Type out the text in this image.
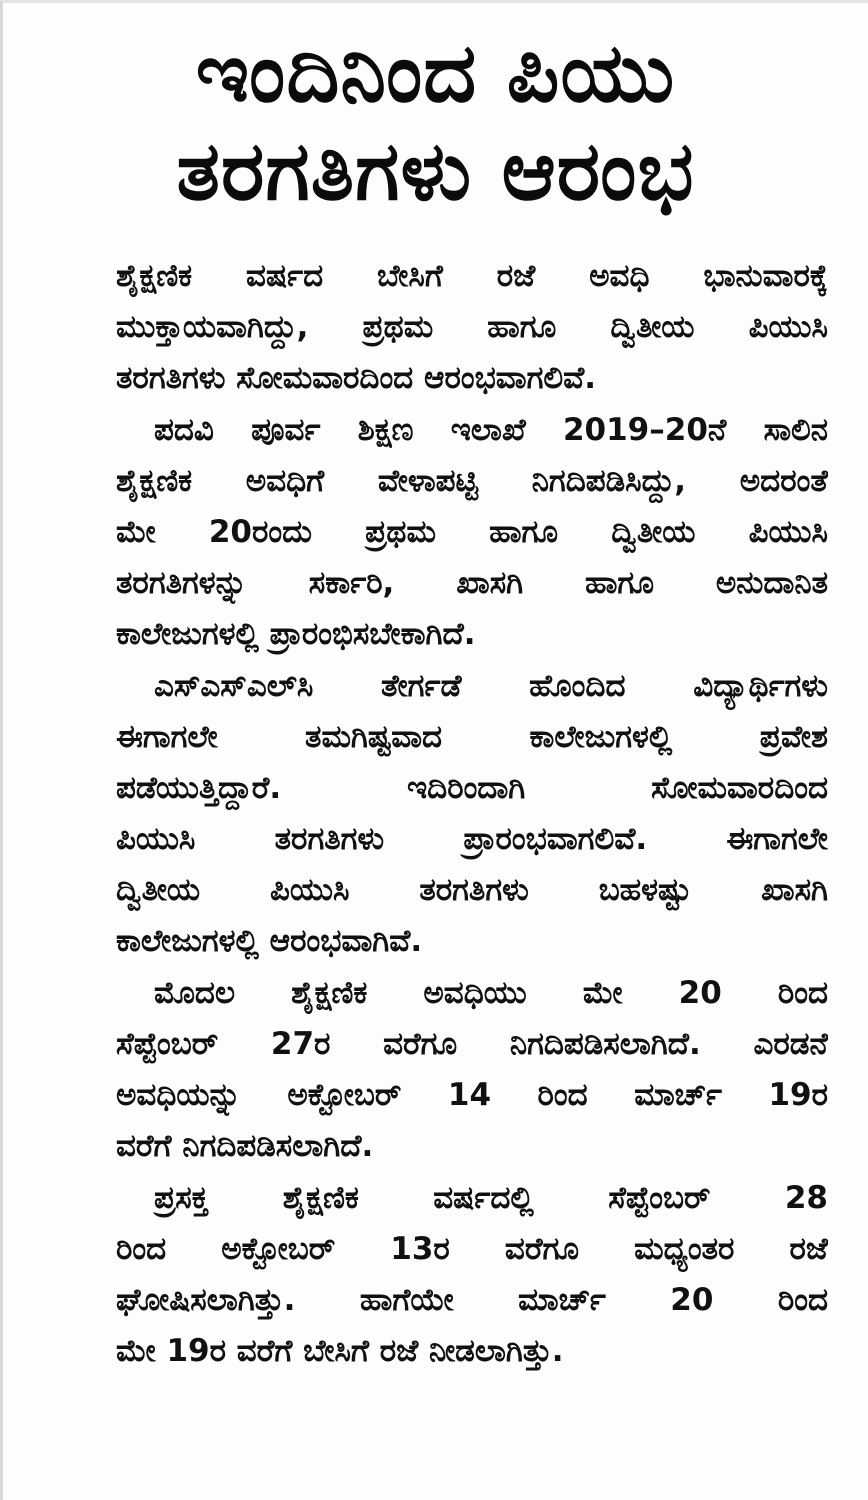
ಇಂದಿನಿಂದ ಪಿಯು
ತರಗತಿಗಳು ಆರಂಭ
ಶೈಕ್ಷಣಿಕ ವರ್ಷದ ಬೇಸಿಗೆ ರಜೆ ಅವಧಿ ಭಾನುವಾರಕ್ಕೆ
ಮುಕ್ತಾಯವಾಗಿದ್ದು, ಪ್ರಥಮ ಹಾಗೂ ದ್ವಿತೀಯ ಪಿಯುಸಿ
ತರಗತಿಗಳು ಸೋಮವಾರದಿಂದ ಆರಂಭವಾಗಲಿವೆ.
ಪದವಿ ಪೂರ್ವ ಶಿಕ್ಷಣ ಇಲಾಖೆ 2019–20ನೆ ಸಾಲಿನ
ಶೈಕ್ಷಣಿಕ ಅವಧಿಗೆ ವೇಳಾಪಟ್ಟಿ ನಿಗದಿಪಡಿಸಿದ್ದು, ಅದರಂತೆ
ಮೇ 20ರಂದು ಪ್ರಥಮ ಹಾಗೂ ದ್ವಿತೀಯ ಪಿಯುಸಿ
ತರಗತಿಗಳನ್ನು ಸರ್ಕಾರಿ, ಖಾಸಗಿ ಹಾಗೂ ಅನುದಾನಿತ
ಕಾಲೇಜುಗಳಲ್ಲಿ ಪ್ರಾರಂಭಿಸಬೇಕಾಗಿದೆ.
ಎಸ್ಎಸ್ಎಲ್‌ಸಿ ತೇರ್ಗಡೆ ಹೊಂದಿದ ವಿದ್ಯಾರ್ಥಿಗಳು
ಈಗಾಗಲೇ ತಮಗಿಷ್ಟವಾದ ಕಾಲೇಜುಗಳಲ್ಲಿ ಪ್ರವೇಶ
ಪಡೆಯುತ್ತಿದ್ದಾರೆ. ಇದಿರಿಂದಾಗಿ ಸೋಮವಾರದಿಂದ
ಪಿಯುಸಿ ತರಗತಿಗಳು ಪ್ರಾರಂಭವಾಗಲಿವೆ. ಈಗಾಗಲೇ
ದ್ವಿತೀಯ ಪಿಯುಸಿ ತರಗತಿಗಳು ಬಹಳಷ್ಟು ಖಾಸಗಿ
ಕಾಲೇಜುಗಳಲ್ಲಿ ಆರಂಭವಾಗಿವೆ.
ಮೊದಲ ಶೈಕ್ಷಣಿಕ ಅವಧಿಯು ಮೇ 20 ರಿಂದ
ಸೆಪ್ಟೆಂಬರ್ 27ರ ವರೆಗೂ ನಿಗದಿಪಡಿಸಲಾಗಿದೆ. ಎರಡನೆ
ಅವಧಿಯನ್ನು ಅಕ್ಟೋಬರ್ 14 ರಿಂದ ಮಾರ್ಚ್ 19ರ
ವರೆಗೆ ನಿಗದಿಪಡಿಸಲಾಗಿದೆ.
ಪ್ರಸಕ್ತ ಶೈಕ್ಷಣಿಕ ವರ್ಷದಲ್ಲಿ ಸೆಪ್ಟೆಂಬರ್ 28
ರಿಂದ ಅಕ್ಟೋಬರ್ 13ರ ವರೆಗೂ ಮಧ್ಯಂತರ ರಜೆ
ಘೋಷಿಸಲಾಗಿತ್ತು. ಹಾಗೆಯೇ ಮಾರ್ಚ್ 20 ರಿಂದ
ಮೇ 19ರ ವರೆಗೆ ಬೇಸಿಗೆ ರಜೆ ನೀಡಲಾಗಿತ್ತು.
